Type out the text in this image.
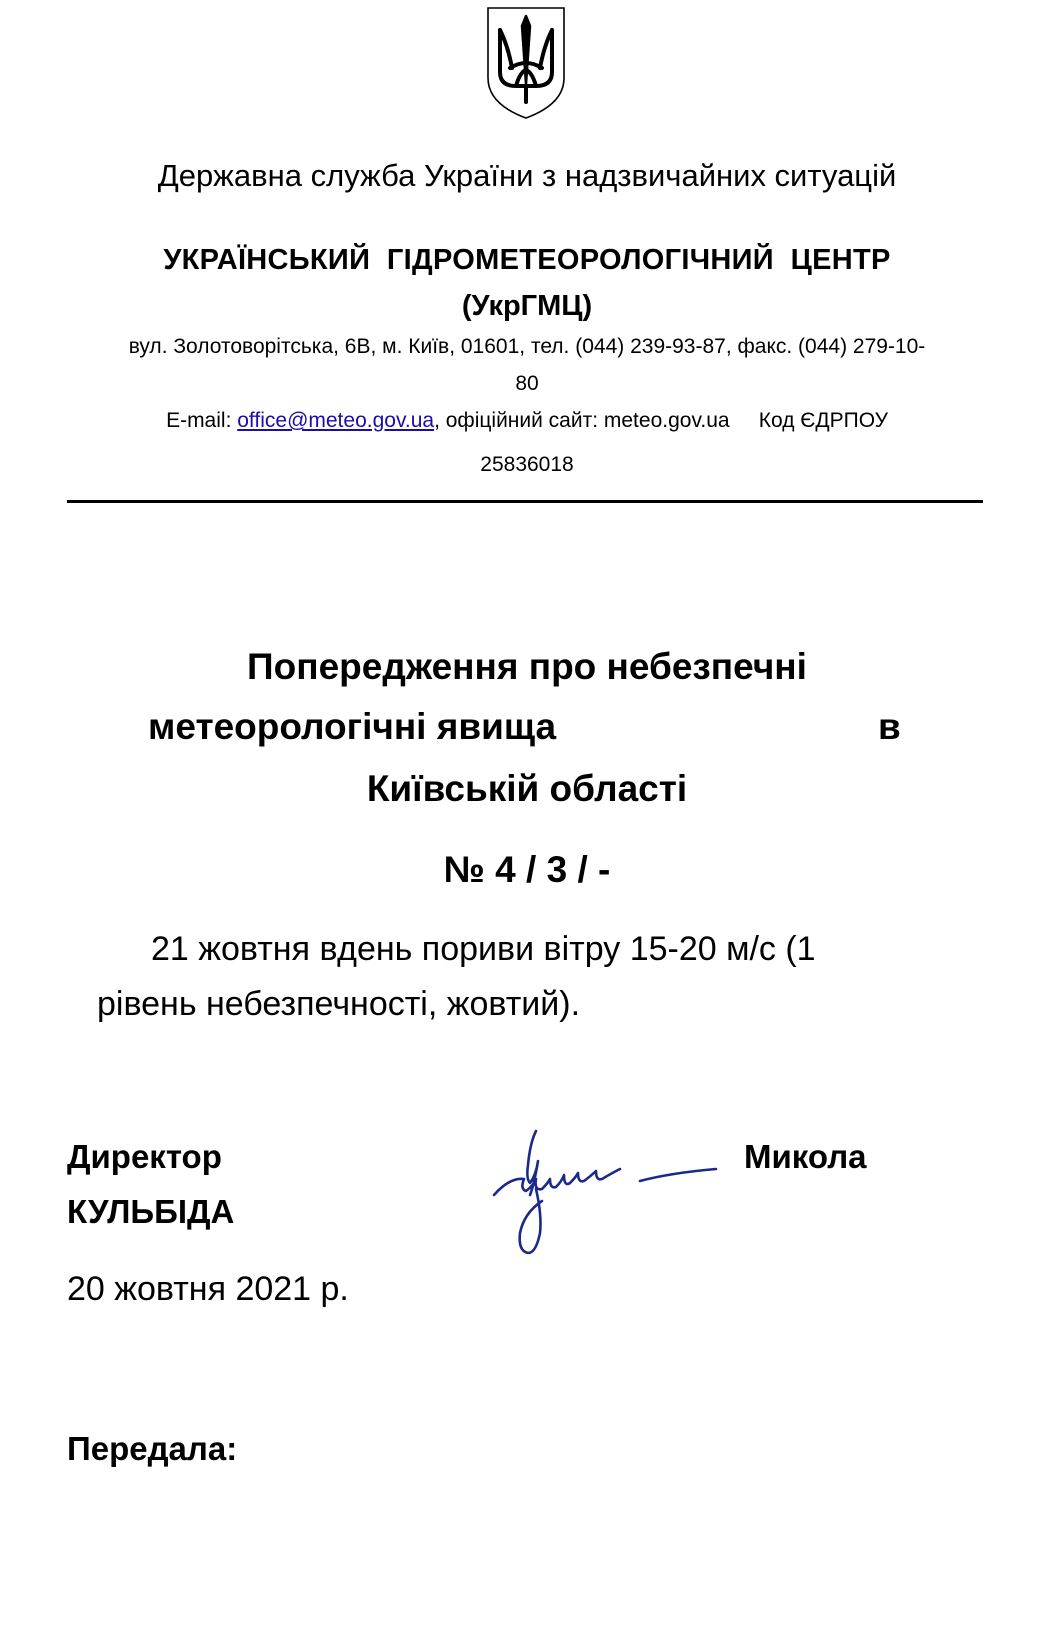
Державна служба України з надзвичайних ситуацій
УКРАЇНСЬКИЙ  ГІДРОМЕТЕОРОЛОГІЧНИЙ  ЦЕНТР
(УкрГМЦ)
вул. Золотоворітська, 6В, м. Київ, 01601, тел. (044) 239-93-87, факс. (044) 279-10-
80
E-mail: office@meteo.gov.ua, офіційний сайт: meteo.gov.ua     Код ЄДРПОУ
25836018
Попередження про небезпечні
метеорологічні явища	в
Київській області
№ 4 / 3 / -
21 жовтня вдень пориви вітру 15-20 м/с (1
рівень небезпечності, жовтий).
Директор	Микола
КУЛЬБІДА
20 жовтня 2021 р.
Передала:
